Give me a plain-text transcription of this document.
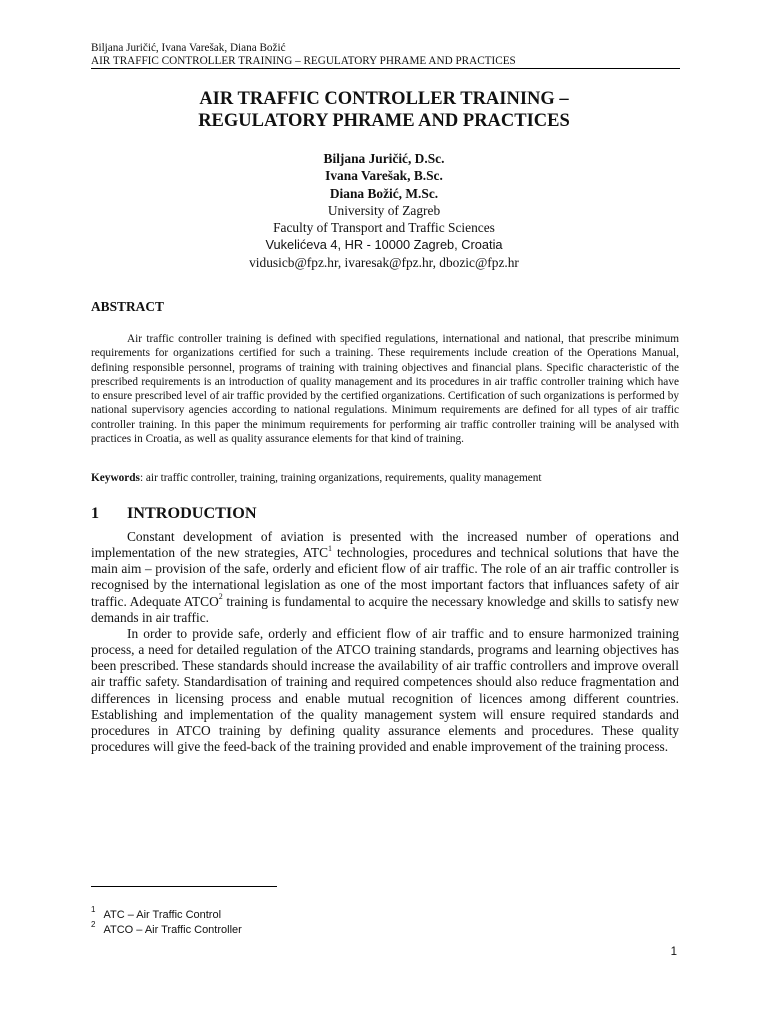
Biljana Juričić, Ivana Varešak, Diana Božić
AIR TRAFFIC CONTROLLER TRAINING – REGULATORY PHRAME AND PRACTICES
AIR TRAFFIC CONTROLLER TRAINING –
REGULATORY PHRAME AND PRACTICES
Biljana Juričić, D.Sc.
Ivana Varešak, B.Sc.
Diana Božić, M.Sc.
University of Zagreb
Faculty of Transport and Traffic Sciences
Vukelićeva 4, HR - 10000 Zagreb, Croatia
vidusicb@fpz.hr, ivaresak@fpz.hr, dbozic@fpz.hr
ABSTRACT

Air traffic controller training is defined with specified regulations, international and national, that prescribe minimum requirements for organizations certified for such a training. These requirements include creation of the Operations Manual, defining responsible personnel, programs of training with training objectives and financial plans. Specific characteristic of the prescribed requirements is an introduction of quality management and its procedures in air traffic controller training which have to ensure prescribed level of air traffic provided by the certified organizations. Certification of such organizations is performed by national supervisory agencies according to national regulations. Minimum requirements are defined for all types of air traffic controller training. In this paper the minimum requirements for performing air traffic controller training will be analysed with practices in Croatia, as well as quality assurance elements for that kind of training.

Keywords: air traffic controller, training, training organizations, requirements, quality management
1 INTRODUCTION

Constant development of aviation is presented with the increased number of operations and implementation of the new strategies, ATC$^1$ technologies, procedures and technical solutions that have the main aim – provision of the safe, orderly and eficient flow of air traffic. The role of an air traffic controller is recognised by the international legislation as one of the most important factors that influances safety of air traffic. Adequate ATCO$^2$ training is fundamental to acquire the necessary knowledge and skills to satisfy new demands in air traffic.

In order to provide safe, orderly and efficient flow of air traffic and to ensure harmonized training process, a need for detailed regulation of the ATCO training standards, programs and learning objectives has been prescribed. These standards should increase the availability of air traffic controllers and improve overall air traffic safety. Standardisation of training and required competences should also reduce fragmentation and differences in licensing process and enable mutual recognition of licences among different countries. Establishing and implementation of the quality management system will ensure required standards and procedures in ATCO training by defining quality assurance elements and procedures. These quality procedures will give the feed-back of the training provided and enable improvement of the training process.

$^1$ ATC – Air Traffic Control
$^2$ ATCO – Air Traffic Controller
1
